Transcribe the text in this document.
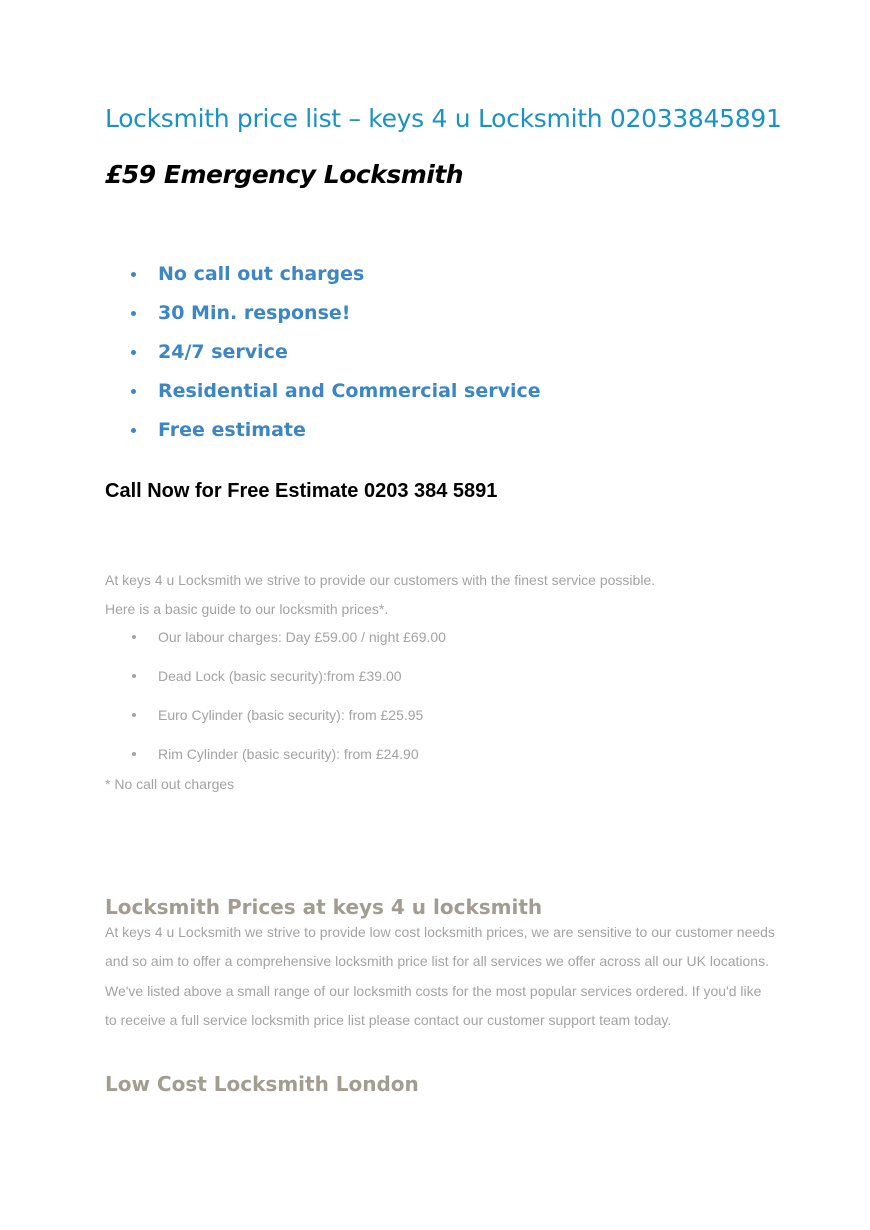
Locksmith price list – keys 4 u Locksmith 02033845891
£59 Emergency Locksmith
No call out charges
30 Min. response!
24/7 service
Residential and Commercial service
Free estimate

Call Now for Free Estimate 0203 384 5891

At keys 4 u Locksmith we strive to provide our customers with the finest service possible.

Here is a basic guide to our locksmith prices*.

Our labour charges: Day £59.00 / night £69.00
Dead Lock (basic security):from £39.00
Euro Cylinder (basic security): from £25.95
Rim Cylinder (basic security): from £24.90

* No call out charges

Locksmith Prices at keys 4 u locksmith

At keys 4 u Locksmith we strive to provide low cost locksmith prices, we are sensitive to our customer needs and so aim to offer a comprehensive locksmith price list for all services we offer across all our UK locations. We've listed above a small range of our locksmith costs for the most popular services ordered. If you'd like to receive a full service locksmith price list please contact our customer support team today.

Low Cost Locksmith London
